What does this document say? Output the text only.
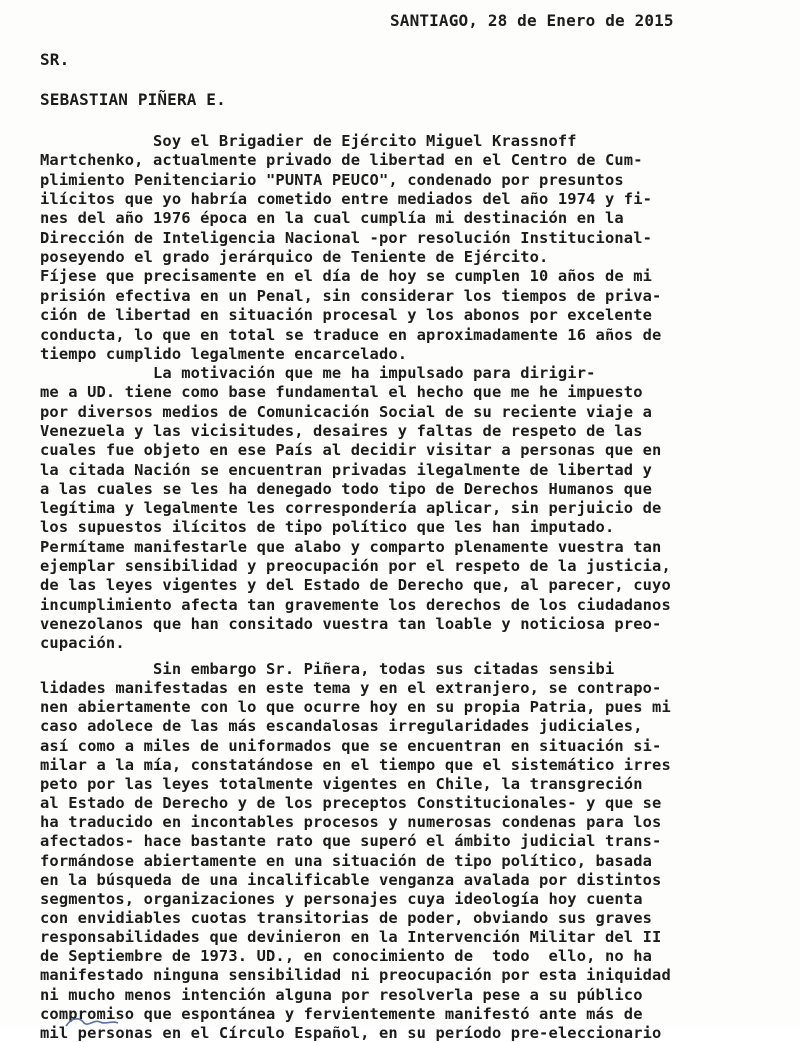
SANTIAGO, 28 de Enero de 2015
SR.
SEBASTIAN PIÑERA E.
Soy el Brigadier de Ejército Miguel Krassnoff
Martchenko, actualmente privado de libertad en el Centro de Cum-
plimiento Penitenciario "PUNTA PEUCO", condenado por presuntos
ilícitos que yo habría cometido entre mediados del año 1974 y fi-
nes del año 1976 época en la cual cumplía mi destinación en la
Dirección de Inteligencia Nacional -por resolución Institucional-
poseyendo el grado jerárquico de Teniente de Ejército.
Fíjese que precisamente en el día de hoy se cumplen 10 años de mi
prisión efectiva en un Penal, sin considerar los tiempos de priva-
ción de libertad en situación procesal y los abonos por excelente
conducta, lo que en total se traduce en aproximadamente 16 años de
tiempo cumplido legalmente encarcelado.
La motivación que me ha impulsado para dirigir-
me a UD. tiene como base fundamental el hecho que me he impuesto
por diversos medios de Comunicación Social de su reciente viaje a
Venezuela y las vicisitudes, desaires y faltas de respeto de las
cuales fue objeto en ese País al decidir visitar a personas que en
la citada Nación se encuentran privadas ilegalmente de libertad y
a las cuales se les ha denegado todo tipo de Derechos Humanos que
legítima y legalmente les correspondería aplicar, sin perjuicio de
los supuestos ilícitos de tipo político que les han imputado.
Permítame manifestarle que alabo y comparto plenamente vuestra tan
ejemplar sensibilidad y preocupación por el respeto de la justicia,
de las leyes vigentes y del Estado de Derecho que, al parecer, cuyo
incumplimiento afecta tan gravemente los derechos de los ciudadanos
venezolanos que han consitado vuestra tan loable y noticiosa preo-
cupación.
Sin embargo Sr. Piñera, todas sus citadas sensibi
lidades manifestadas en este tema y en el extranjero, se contrapo-
nen abiertamente con lo que ocurre hoy en su propia Patria, pues mi
caso adolece de las más escandalosas irregularidades judiciales,
así como a miles de uniformados que se encuentran en situación si-
milar a la mía, constatándose en el tiempo que el sistemático irres
peto por las leyes totalmente vigentes en Chile, la transgreción
al Estado de Derecho y de los preceptos Constitucionales- y que se
ha traducido en incontables procesos y numerosas condenas para los
afectados- hace bastante rato que superó el ámbito judicial trans-
formándose abiertamente en una situación de tipo político, basada
en la búsqueda de una incalificable venganza avalada por distintos
segmentos, organizaciones y personajes cuya ideología hoy cuenta
con envidiables cuotas transitorias de poder, obviando sus graves
responsabilidades que devinieron en la Intervención Militar del II
de Septiembre de 1973. UD., en conocimiento de  todo  ello, no ha
manifestado ninguna sensibilidad ni preocupación por esta iniquidad
ni mucho menos intención alguna por resolverla pese a su público
compromiso que espontánea y fervientemente manifestó ante más de
mil personas en el Círculo Español, en su período pre-eleccionario
